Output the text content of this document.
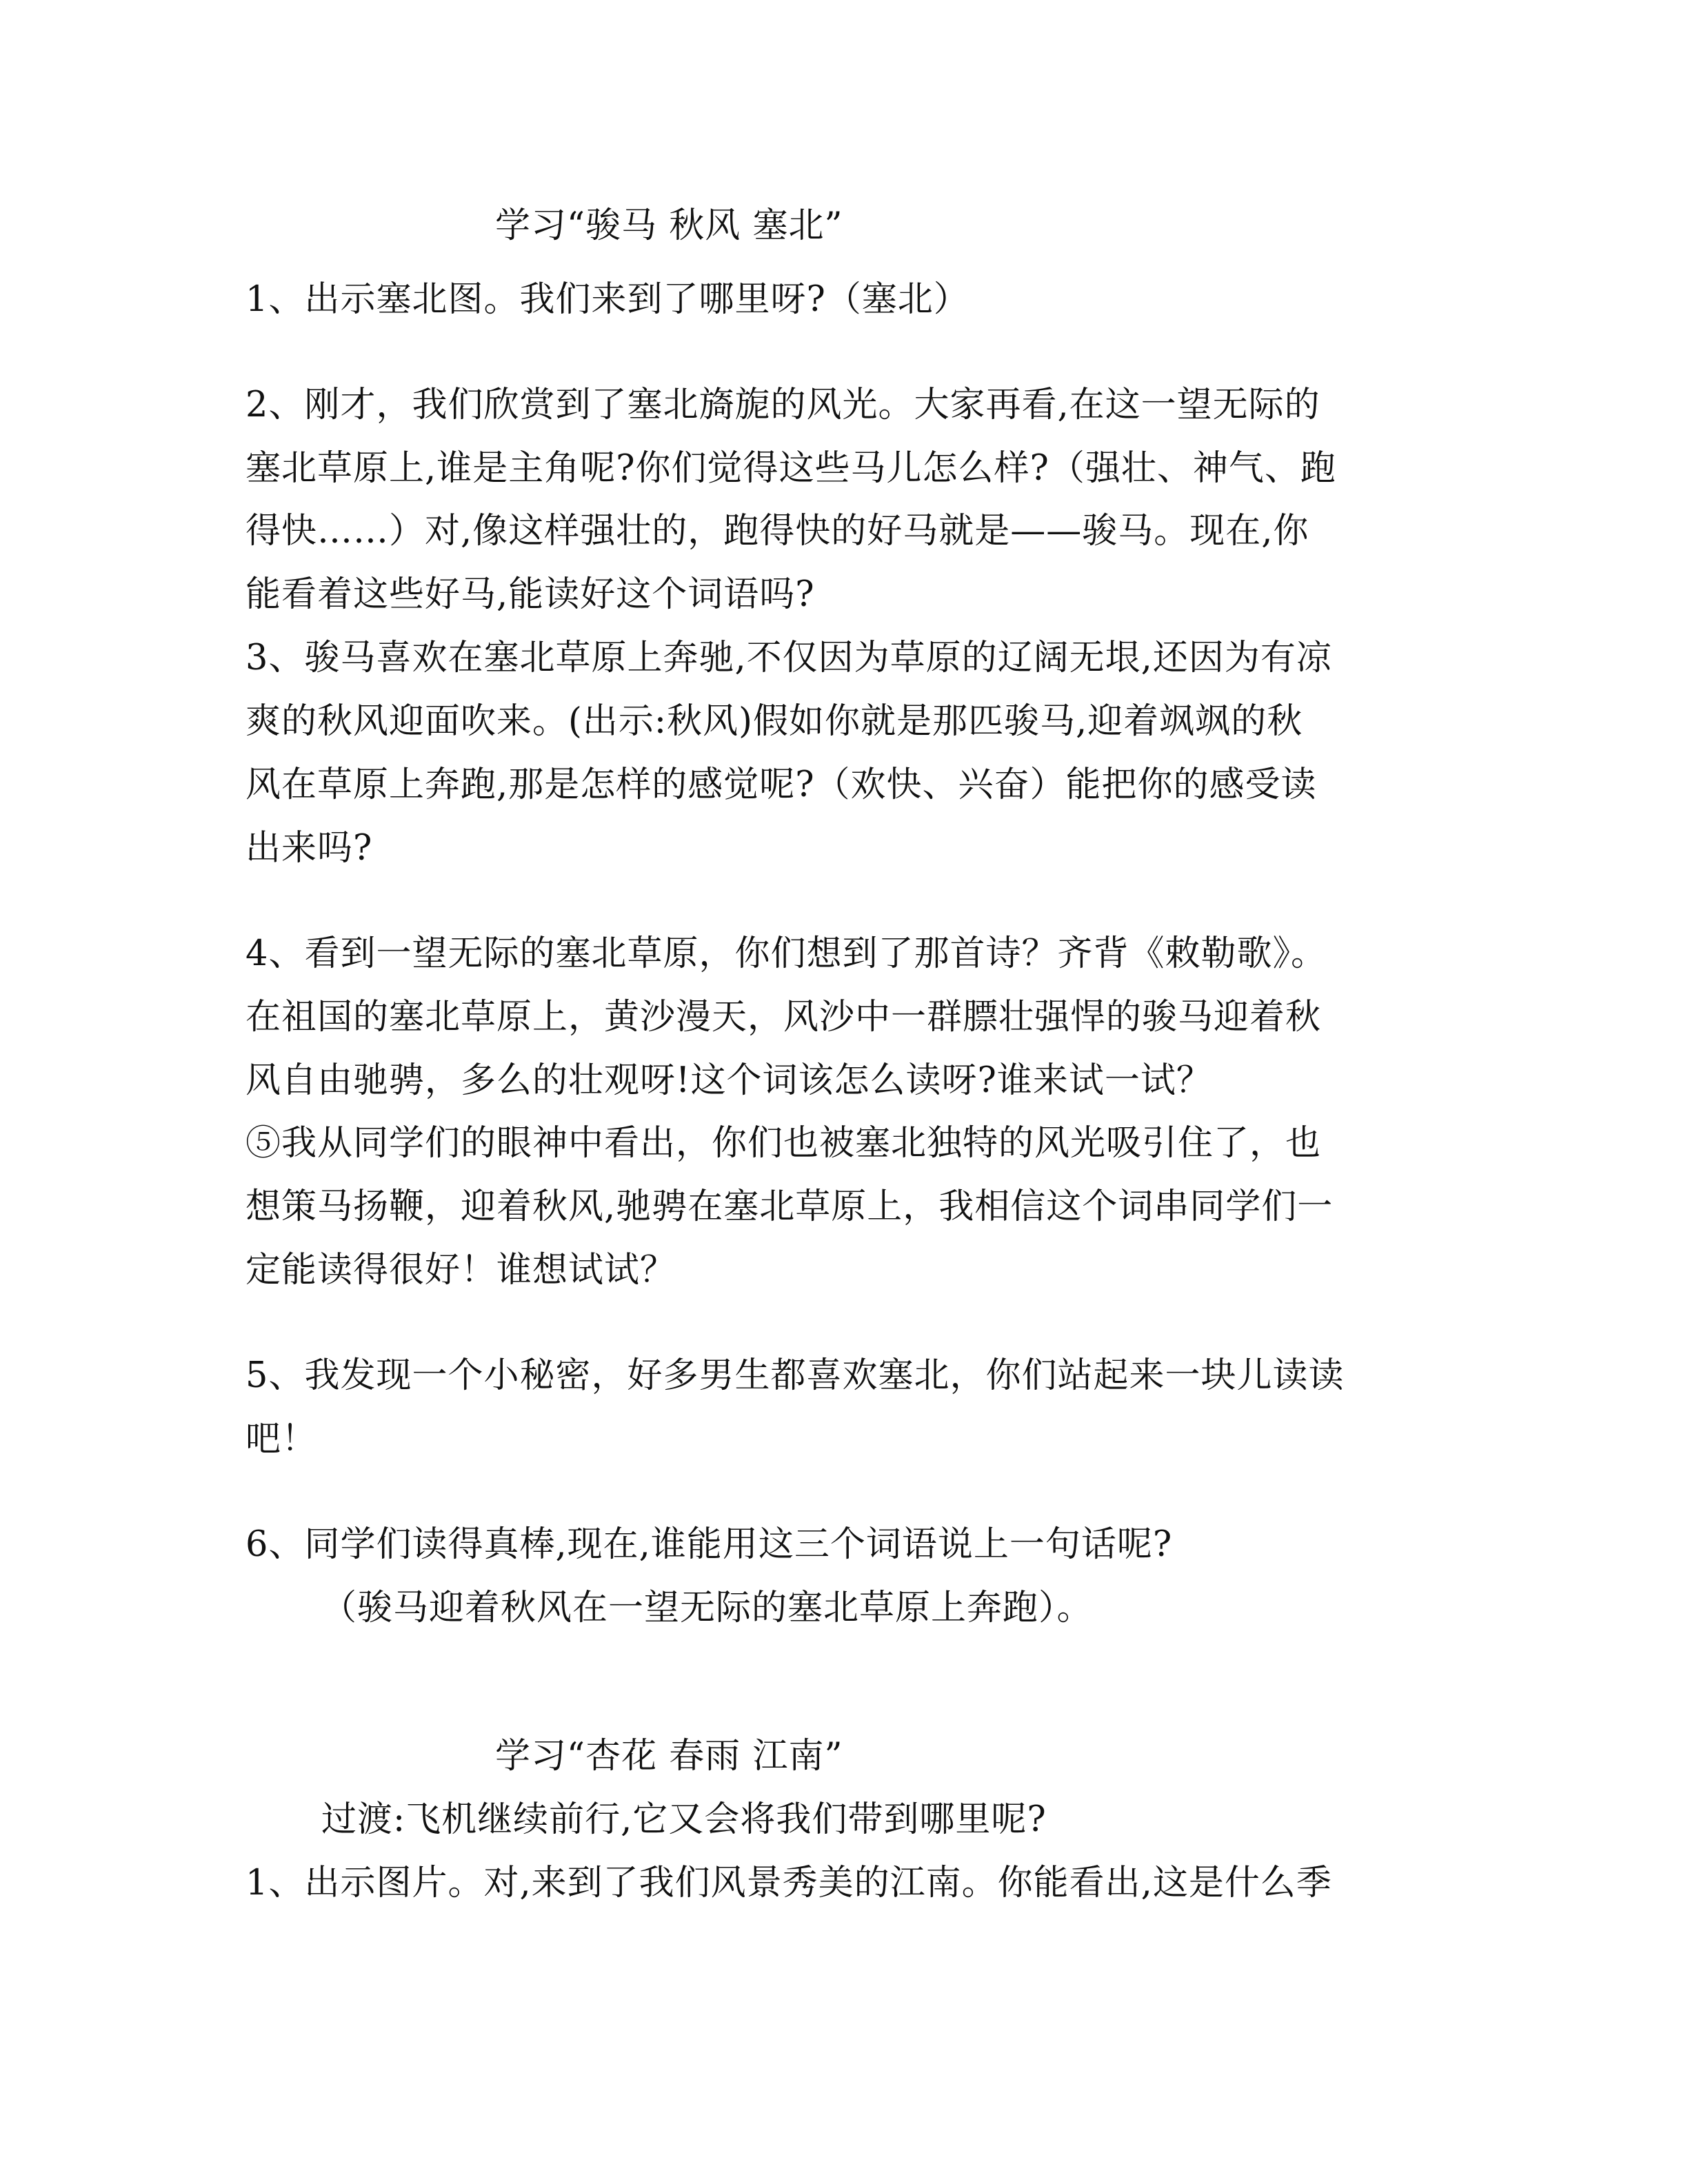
学习“骏马 秋风 塞北”
1、出示塞北图。我们来到了哪里呀?（塞北）
2、刚才，我们欣赏到了塞北旖旎的风光。大家再看,在这一望无际的
塞北草原上,谁是主角呢?你们觉得这些马儿怎么样?（强壮、神气、跑
得快……）对,像这样强壮的，跑得快的好马就是——骏马。现在,你
能看着这些好马,能读好这个词语吗?
3、骏马喜欢在塞北草原上奔驰,不仅因为草原的辽阔无垠,还因为有凉
爽的秋风迎面吹来。(出示:秋风)假如你就是那匹骏马,迎着飒飒的秋
风在草原上奔跑,那是怎样的感觉呢?（欢快、兴奋）能把你的感受读
出来吗?
4、看到一望无际的塞北草原，你们想到了那首诗？齐背《敕勒歌》。
在祖国的塞北草原上，黄沙漫天，风沙中一群膘壮强悍的骏马迎着秋
风自由驰骋，多么的壮观呀!这个词该怎么读呀?谁来试一试？
⑤我从同学们的眼神中看出，你们也被塞北独特的风光吸引住了，也
想策马扬鞭，迎着秋风,驰骋在塞北草原上，我相信这个词串同学们一
定能读得很好！谁想试试？
5、我发现一个小秘密，好多男生都喜欢塞北，你们站起来一块儿读读
吧！
6、同学们读得真棒,现在,谁能用这三个词语说上一句话呢?
（骏马迎着秋风在一望无际的塞北草原上奔跑）。
学习“杏花 春雨 江南”
过渡:飞机继续前行,它又会将我们带到哪里呢?
1、出示图片。对,来到了我们风景秀美的江南。你能看出,这是什么季
